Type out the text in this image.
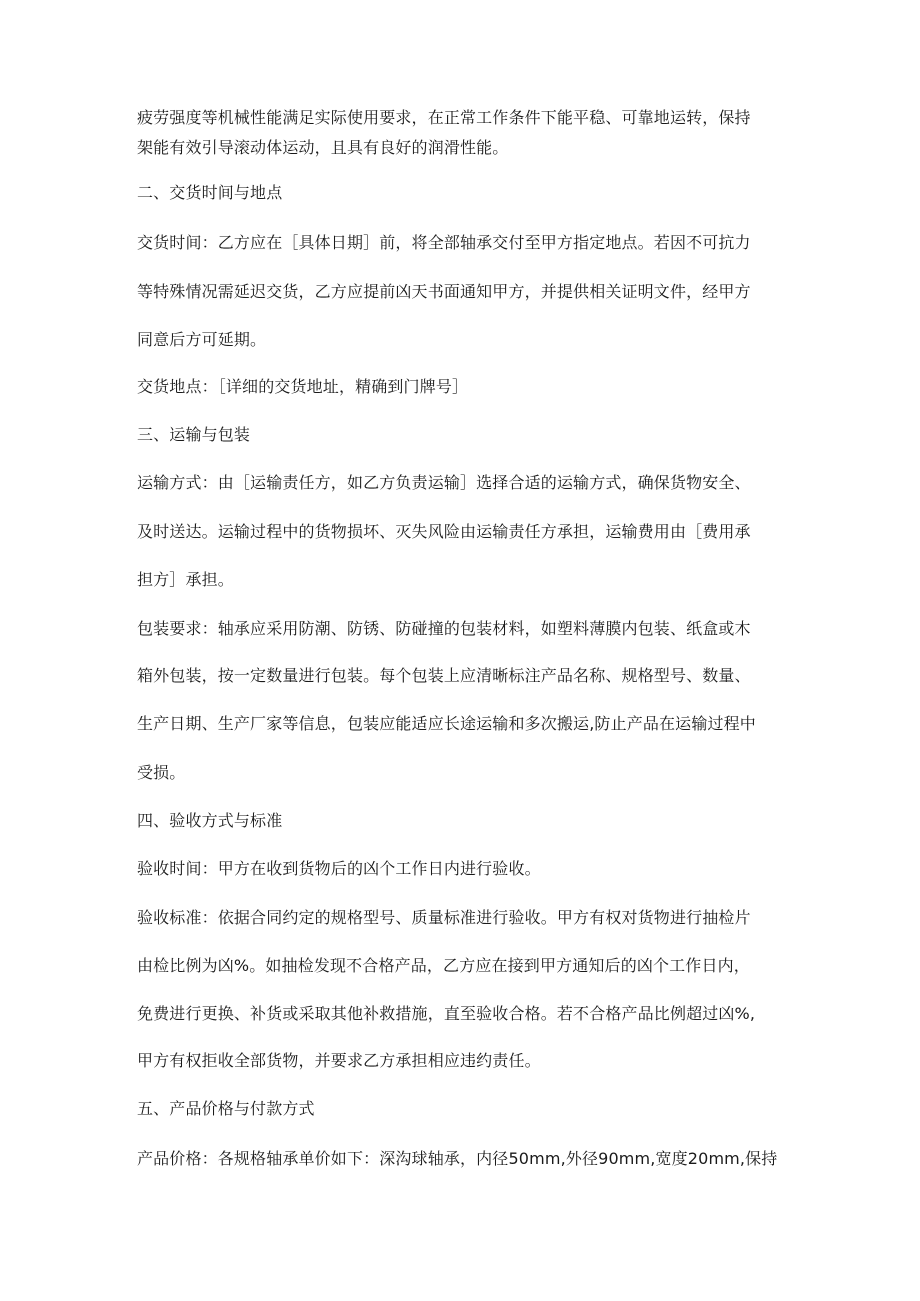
疲劳强度等机械性能满足实际使用要求，在正常工作条件下能平稳、可靠地运转，保持
架能有效引导滚动体运动，且具有良好的润滑性能。
二、交货时间与地点
交货时间：乙方应在［具体日期］前，将全部轴承交付至甲方指定地点。若因不可抗力
等特殊情况需延迟交货，乙方应提前凶天书面通知甲方，并提供相关证明文件，经甲方
同意后方可延期。
交货地点：［详细的交货地址，精确到门牌号］
三、运输与包装
运输方式：由［运输责任方，如乙方负责运输］选择合适的运输方式，确保货物安全、
及时送达。运输过程中的货物损坏、灭失风险由运输责任方承担，运输费用由［费用承
担方］承担。
包装要求：轴承应采用防潮、防锈、防碰撞的包装材料，如塑料薄膜内包装、纸盒或木
箱外包装，按一定数量进行包装。每个包装上应清晰标注产品名称、规格型号、数量、
生产日期、生产厂家等信息，包装应能适应长途运输和多次搬运,防止产品在运输过程中
受损。
四、验收方式与标准
验收时间：甲方在收到货物后的凶个工作日内进行验收。
验收标准：依据合同约定的规格型号、质量标准进行验收。甲方有权对货物进行抽检片
由检比例为凶%。如抽检发现不合格产品，乙方应在接到甲方通知后的凶个工作日内，
免费进行更换、补货或采取其他补救措施，直至验收合格。若不合格产品比例超过凶%,
甲方有权拒收全部货物，并要求乙方承担相应违约责任。
五、产品价格与付款方式
产品价格：各规格轴承单价如下：深沟球轴承，内径50mm,外径90mm,宽度20mm,保持
